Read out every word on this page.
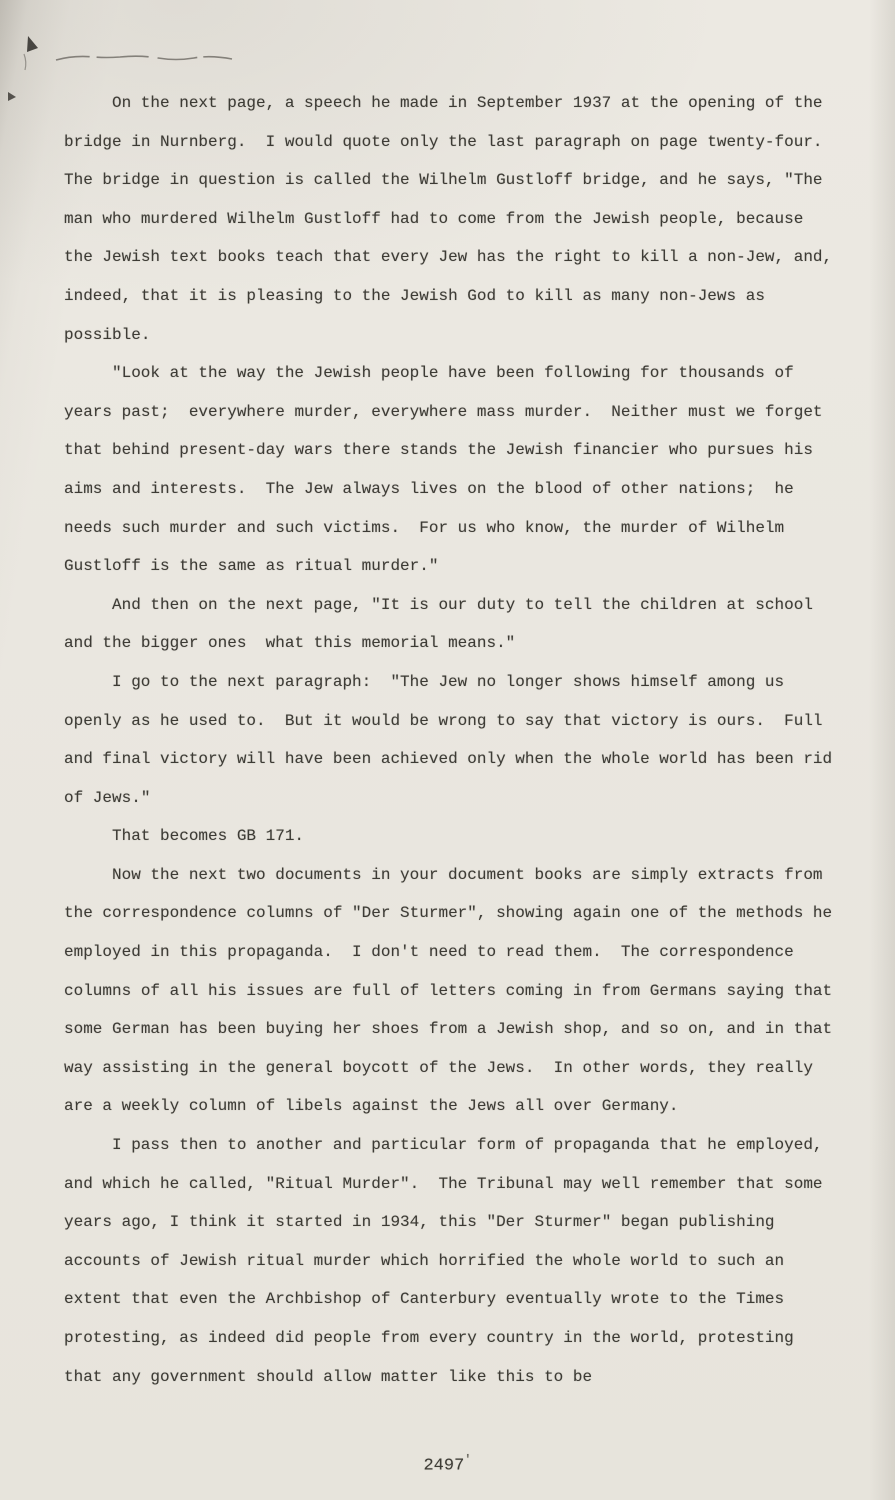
On the next page, a speech he made in September 1937 at the opening of the bridge in Nurnberg.  I would quote only the last paragraph on page twenty-four.  The bridge in question is called the Wilhelm Gustloff bridge, and he says, "The man who murdered Wilhelm Gustloff had to come from the Jewish people, because the Jewish text books teach that every Jew has the right to kill a non-Jew, and, indeed, that it is pleasing to the Jewish God to kill as many non-Jews as possible.

"Look at the way the Jewish people have been following for thousands of years past;  everywhere murder, everywhere mass murder.  Neither must we forget that behind present-day wars there stands the Jewish financier who pursues his aims and interests.  The Jew always lives on the blood of other nations;  he needs such murder and such victims.  For us who know, the murder of Wilhelm Gustloff is the same as ritual murder."

And then on the next page, "It is our duty to tell the children at school and the bigger ones  what this memorial means."

I go to the next paragraph:  "The Jew no longer shows himself among us openly as he used to.  But it would be wrong to say that victory is ours.  Full and final victory will have been achieved only when the whole world has been rid of Jews."

That becomes GB 171.

Now the next two documents in your document books are simply extracts from the correspondence columns of "Der Sturmer", showing again one of the methods he employed in this propaganda.  I don't need to read them.  The correspondence columns of all his issues are full of letters coming in from Germans saying that some German has been buying her shoes from a Jewish shop, and so on, and in that way assisting in the general boycott of the Jews.  In other words, they really are a weekly column of libels against the Jews all over Germany.

I pass then to another and particular form of propaganda that he employed, and which he called, "Ritual Murder".  The Tribunal may well remember that some years ago, I think it started in 1934, this "Der Sturmer" began publishing accounts of Jewish ritual murder which horrified the whole world to such an extent that even the Archbishop of Canterbury eventually wrote to the Times protesting, as indeed did people from every country in the world, protesting that any government should allow matter like this to be

2497'
